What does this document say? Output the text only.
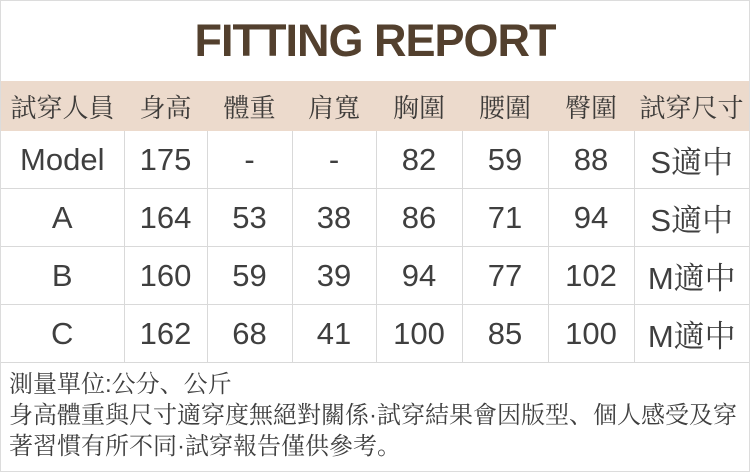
FITTING REPORT
試穿人員	身高	體重	肩寬	胸圍	腰圍	臀圍	試穿尺寸
Model	175	-	-	82	59	88	S適中
A	164	53	38	86	71	94	S適中
B	160	59	39	94	77	102	M適中
C	162	68	41	100	85	100	M適中

測量單位:公分、公斤

身高體重與尺寸適穿度無絕對關係·試穿結果會因版型、個人感受及穿著習慣有所不同·試穿報告僅供參考。
